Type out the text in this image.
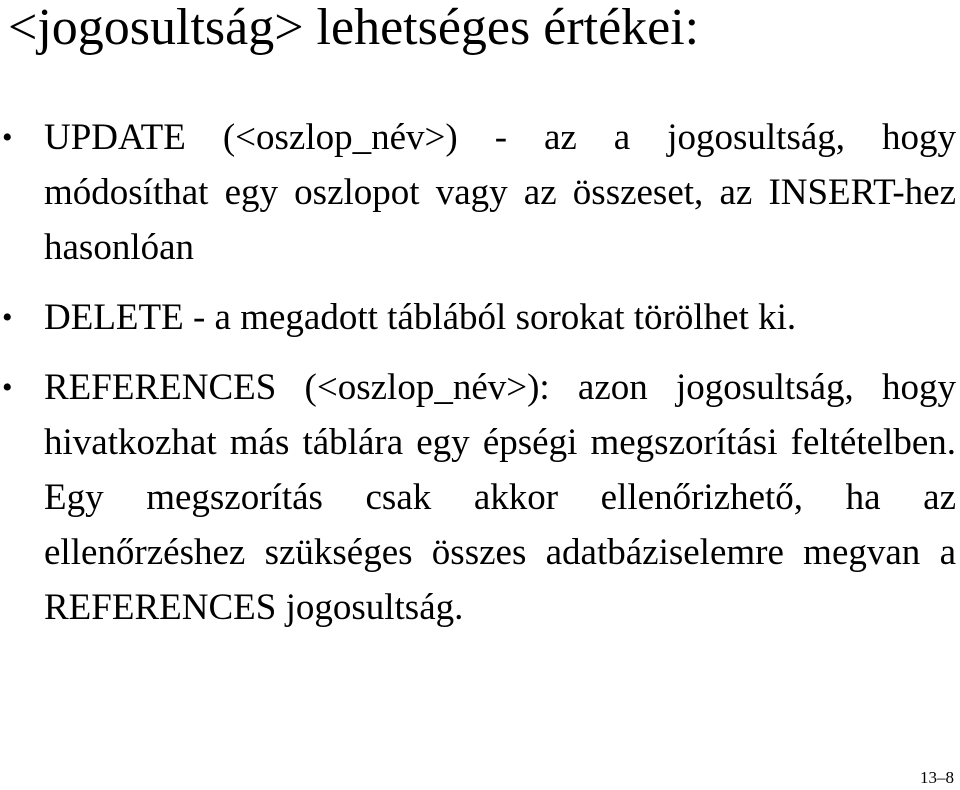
<jogosultság> lehetséges értékei:
• UPDATE (<oszlop_név>) - az a jogosultság, hogy módosíthat egy oszlopot vagy az összeset, az INSERT-hez hasonlóan
• DELETE - a megadott táblából sorokat törölhet ki.
• REFERENCES (<oszlop_név>): azon jogosultság, hogy hivatkozhat más táblára egy épségi megszorítási feltételben. Egy megszorítás csak akkor ellenőrizhető, ha az ellenőrzéshez szükséges összes adatbáziselemre megvan a REFERENCES jogosultság.
13–8
